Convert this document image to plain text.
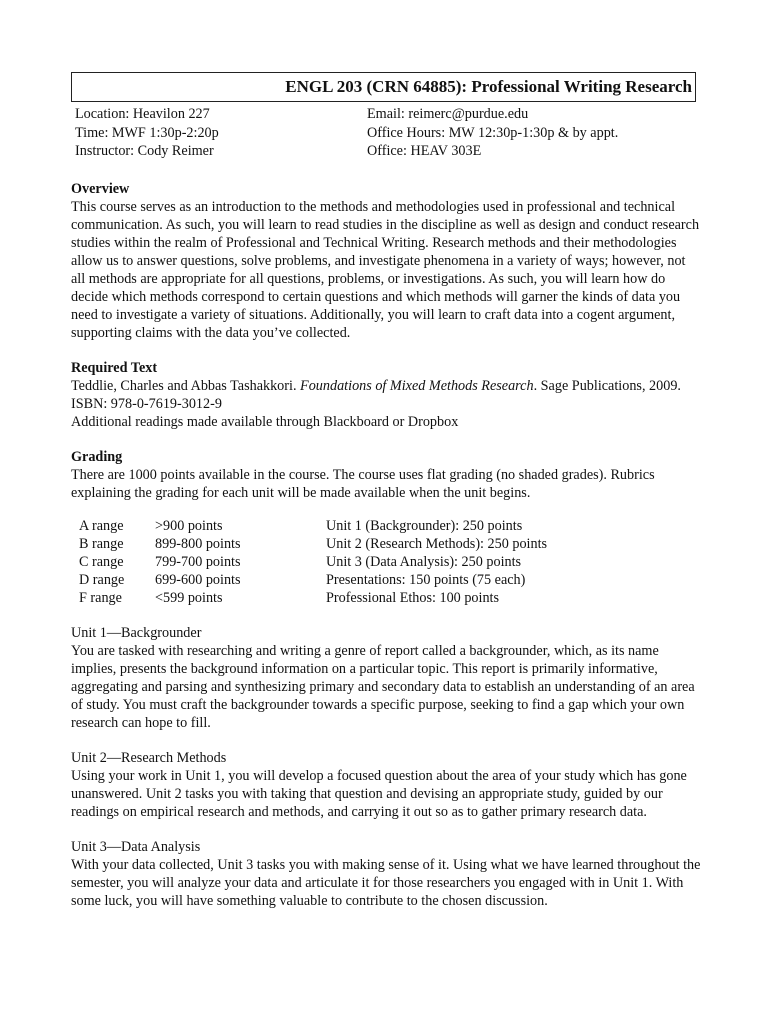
ENGL 203 (CRN 64885): Professional Writing Research
Location: Heavilon 227
Time: MWF 1:30p-2:20p
Instructor: Cody Reimer
Email: reimerc@purdue.edu
Office Hours: MW 12:30p-1:30p & by appt.
Office: HEAV 303E
Overview
This course serves as an introduction to the methods and methodologies used in professional and technical communication. As such, you will learn to read studies in the discipline as well as design and conduct research studies within the realm of Professional and Technical Writing. Research methods and their methodologies allow us to answer questions, solve problems, and investigate phenomena in a variety of ways; however, not all methods are appropriate for all questions, problems, or investigations. As such, you will learn how do decide which methods correspond to certain questions and which methods will garner the kinds of data you need to investigate a variety of situations. Additionally, you will learn to craft data into a cogent argument, supporting claims with the data you’ve collected.
Required Text
Teddlie, Charles and Abbas Tashakkori. Foundations of Mixed Methods Research. Sage Publications, 2009. ISBN: 978-0-7619-3012-9
Additional readings made available through Blackboard or Dropbox
Grading
There are 1000 points available in the course. The course uses flat grading (no shaded grades). Rubrics explaining the grading for each unit will be made available when the unit begins.
A range
B range
C range
D range
F range
>900 points
899-800 points
799-700 points
699-600 points
<599 points
Unit 1 (Backgrounder): 250 points
Unit 2 (Research Methods): 250 points
Unit 3 (Data Analysis): 250 points
Presentations: 150 points (75 each)
Professional Ethos: 100 points
Unit 1—Backgrounder
You are tasked with researching and writing a genre of report called a backgrounder, which, as its name implies, presents the background information on a particular topic. This report is primarily informative, aggregating and parsing and synthesizing primary and secondary data to establish an understanding of an area of study. You must craft the backgrounder towards a specific purpose, seeking to find a gap which your own research can hope to fill.
Unit 2—Research Methods
Using your work in Unit 1, you will develop a focused question about the area of your study which has gone unanswered. Unit 2 tasks you with taking that question and devising an appropriate study, guided by our readings on empirical research and methods, and carrying it out so as to gather primary research data.
Unit 3—Data Analysis
With your data collected, Unit 3 tasks you with making sense of it. Using what we have learned throughout the semester, you will analyze your data and articulate it for those researchers you engaged with in Unit 1. With some luck, you will have something valuable to contribute to the chosen discussion.
